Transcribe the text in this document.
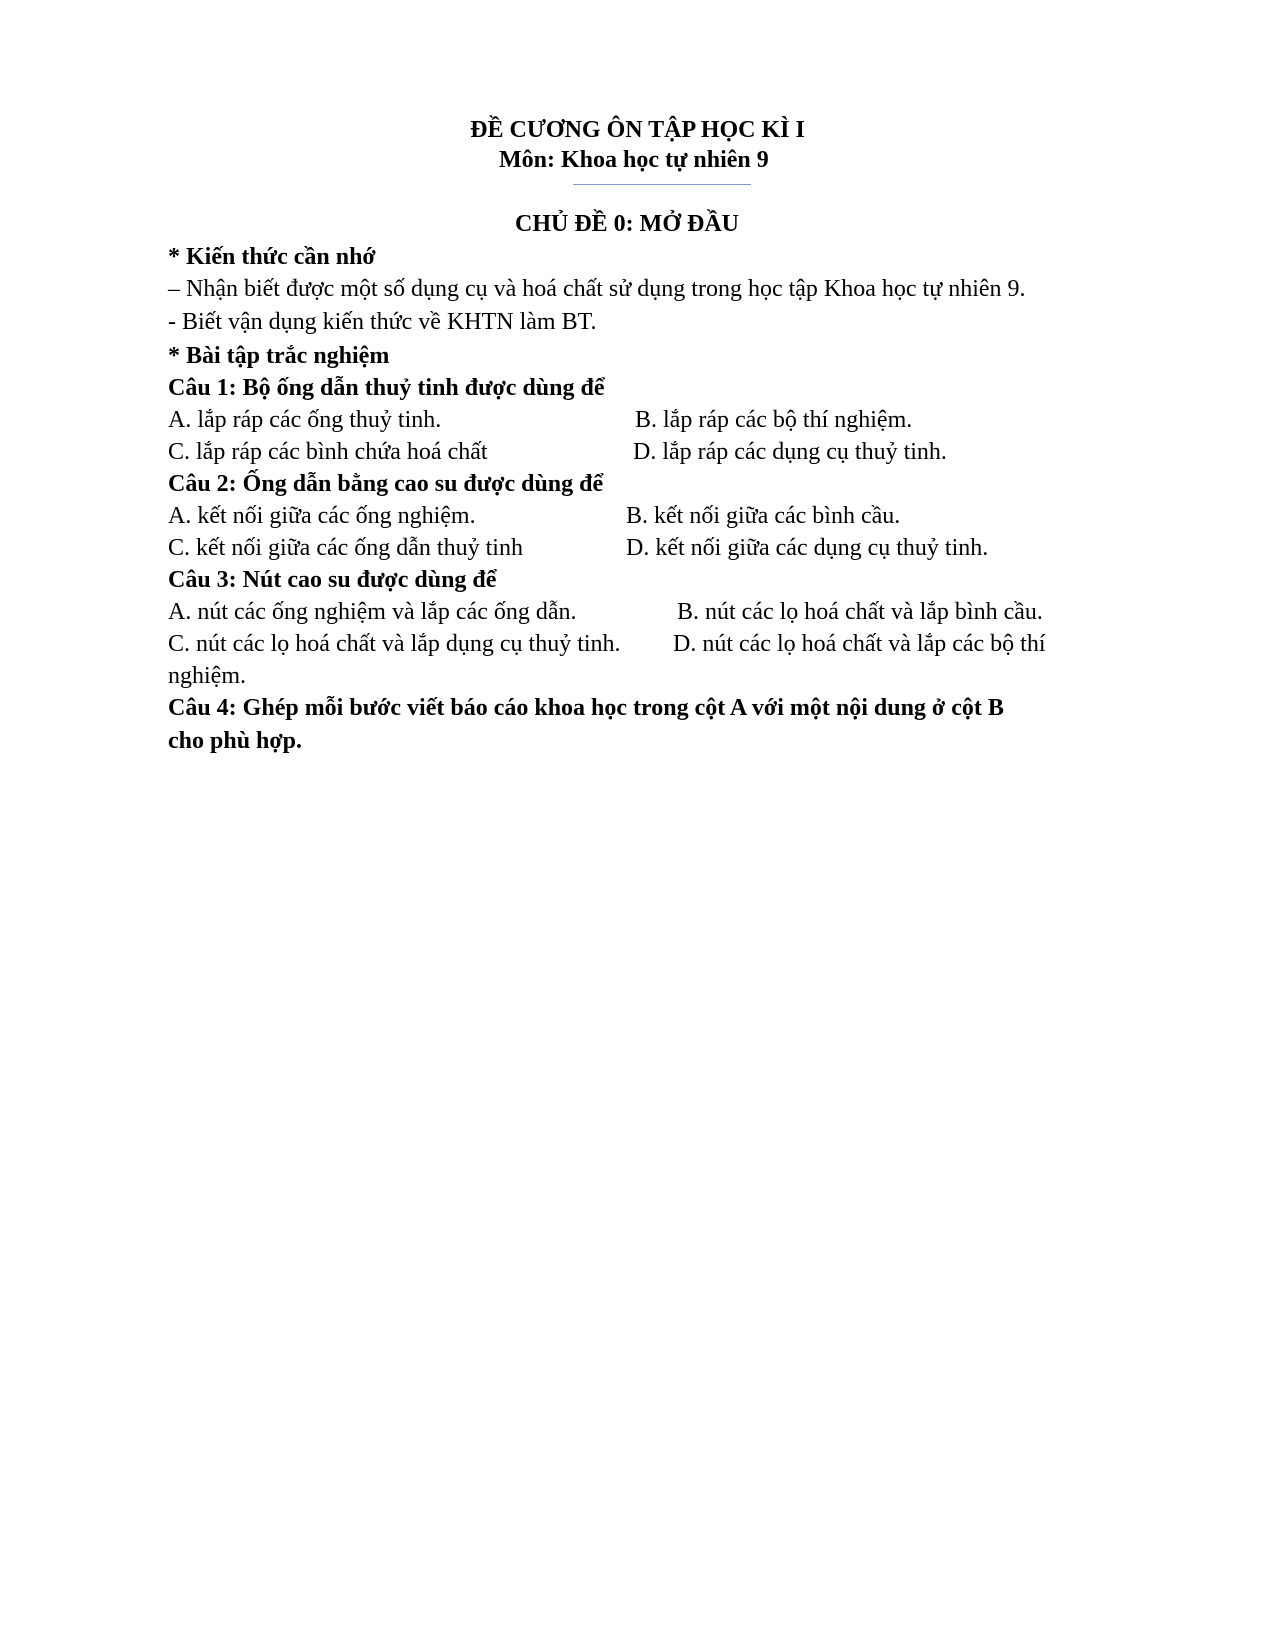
ĐỀ CƯƠNG ÔN TẬP HỌC KÌ I
Môn: Khoa học tự nhiên 9
CHỦ ĐỀ 0: MỞ ĐẦU
* Kiến thức cần nhớ
– Nhận biết được một số dụng cụ và hoá chất sử dụng trong học tập Khoa học tự nhiên 9.
- Biết vận dụng kiến thức về KHTN làm BT.
* Bài tập trắc nghiệm
Câu 1: Bộ ống dẫn thuỷ tinh được dùng để
A. lắp ráp các ống thuỷ tinh.	B. lắp ráp các bộ thí nghiệm.
C. lắp ráp các bình chứa hoá chất	D. lắp ráp các dụng cụ thuỷ tinh.
Câu 2: Ống dẫn bằng cao su được dùng để
A. kết nối giữa các ống nghiệm.	B. kết nối giữa các bình cầu.
C. kết nối giữa các ống dẫn thuỷ tinh	D. kết nối giữa các dụng cụ thuỷ tinh.
Câu 3: Nút cao su được dùng để
A. nút các ống nghiệm và lắp các ống dẫn.	B. nút các lọ hoá chất và lắp bình cầu.
C. nút các lọ hoá chất và lắp dụng cụ thuỷ tinh. D. nút các lọ hoá chất và lắp các bộ thí
nghiệm.
Câu 4: Ghép mỗi bước viết báo cáo khoa học trong cột A với một nội dung ở cột B
cho phù hợp.
